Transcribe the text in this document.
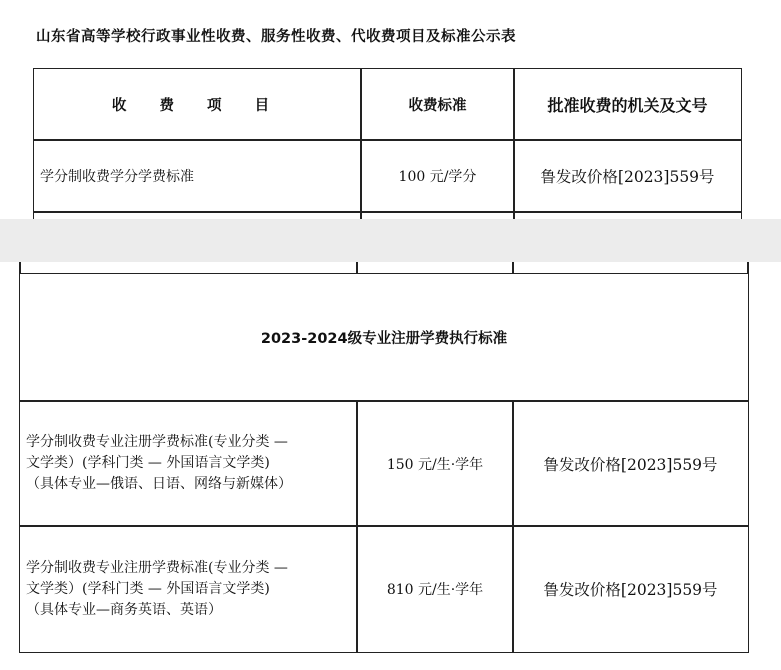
山东省高等学校行政事业性收费、服务性收费、代收费项目及标准公示表
收 费 项 目	收费标准	批准收费的机关及文号
学分制收费学分学费标准	100 元/学分	鲁发改价格[2023]559号
2023-2024级专业注册学费执行标准
学分制收费专业注册学费标准(专业分类 —
文学类）(学科门类 — 外国语言文学类)
（具体专业—俄语、日语、网络与新媒体）
150 元/生·学年	鲁发改价格[2023]559号
学分制收费专业注册学费标准(专业分类 —
文学类）(学科门类 — 外国语言文学类)
（具体专业—商务英语、英语）
810 元/生·学年	鲁发改价格[2023]559号
